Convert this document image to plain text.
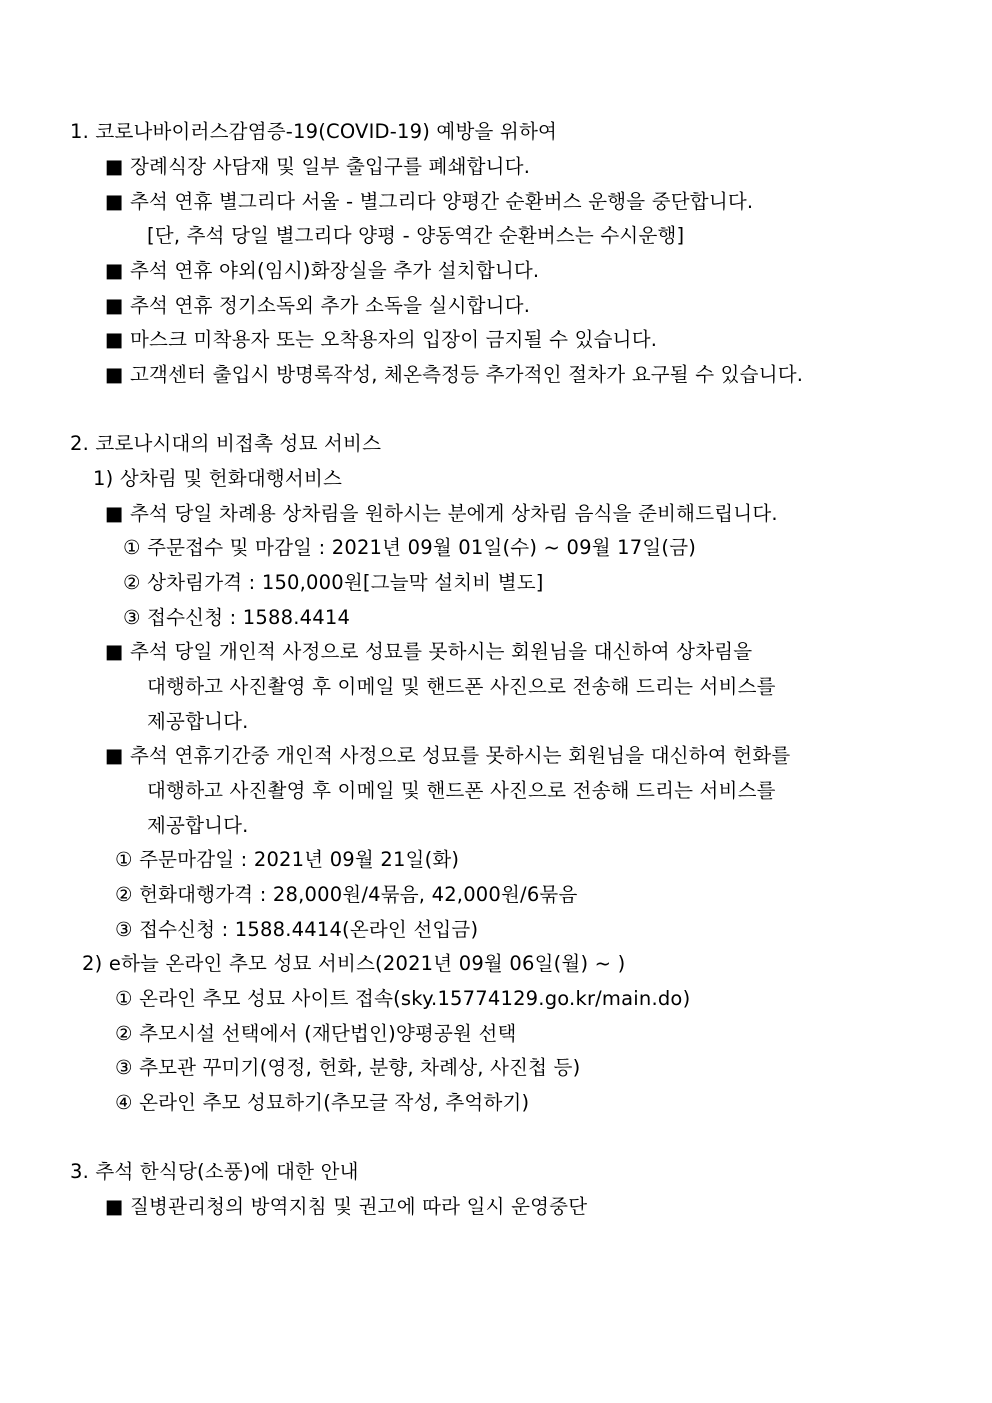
1. 코로나바이러스감염증-19(COVID-19) 예방을 위하여
■ 장례식장 사담재 및 일부 출입구를 폐쇄합니다.
■ 추석 연휴 별그리다 서울 - 별그리다 양평간 순환버스 운행을 중단합니다.
[단, 추석 당일 별그리다 양평 - 양동역간 순환버스는 수시운행]
■ 추석 연휴 야외(임시)화장실을 추가 설치합니다.
■ 추석 연휴 정기소독외 추가 소독을 실시합니다.
■ 마스크 미착용자 또는 오착용자의 입장이 금지될 수 있습니다.
■ 고객센터 출입시 방명록작성, 체온측정등 추가적인 절차가 요구될 수 있습니다.
2. 코로나시대의 비접촉 성묘 서비스
1) 상차림 및 헌화대행서비스
■ 추석 당일 차례용 상차림을 원하시는 분에게 상차림 음식을 준비해드립니다.
① 주문접수 및 마감일 : 2021년 09월 01일(수) ~ 09월 17일(금)
② 상차림가격 : 150,000원[그늘막 설치비 별도]
③ 접수신청 : 1588.4414
■ 추석 당일 개인적 사정으로 성묘를 못하시는 회원님을 대신하여 상차림을
대행하고 사진촬영 후 이메일 및 핸드폰 사진으로 전송해 드리는 서비스를
제공합니다.
■ 추석 연휴기간중 개인적 사정으로 성묘를 못하시는 회원님을 대신하여 헌화를
대행하고 사진촬영 후 이메일 및 핸드폰 사진으로 전송해 드리는 서비스를
제공합니다.
① 주문마감일 : 2021년 09월 21일(화)
② 헌화대행가격 : 28,000원/4묶음, 42,000원/6묶음
③ 접수신청 : 1588.4414(온라인 선입금)
2) e하늘 온라인 추모 성묘 서비스(2021년 09월 06일(월) ~ )
① 온라인 추모 성묘 사이트 접속(sky.15774129.go.kr/main.do)
② 추모시설 선택에서 (재단법인)양평공원 선택
③ 추모관 꾸미기(영정, 헌화, 분향, 차례상, 사진첩 등)
④ 온라인 추모 성묘하기(추모글 작성, 추억하기)
3. 추석 한식당(소풍)에 대한 안내
■ 질병관리청의 방역지침 및 권고에 따라 일시 운영중단
